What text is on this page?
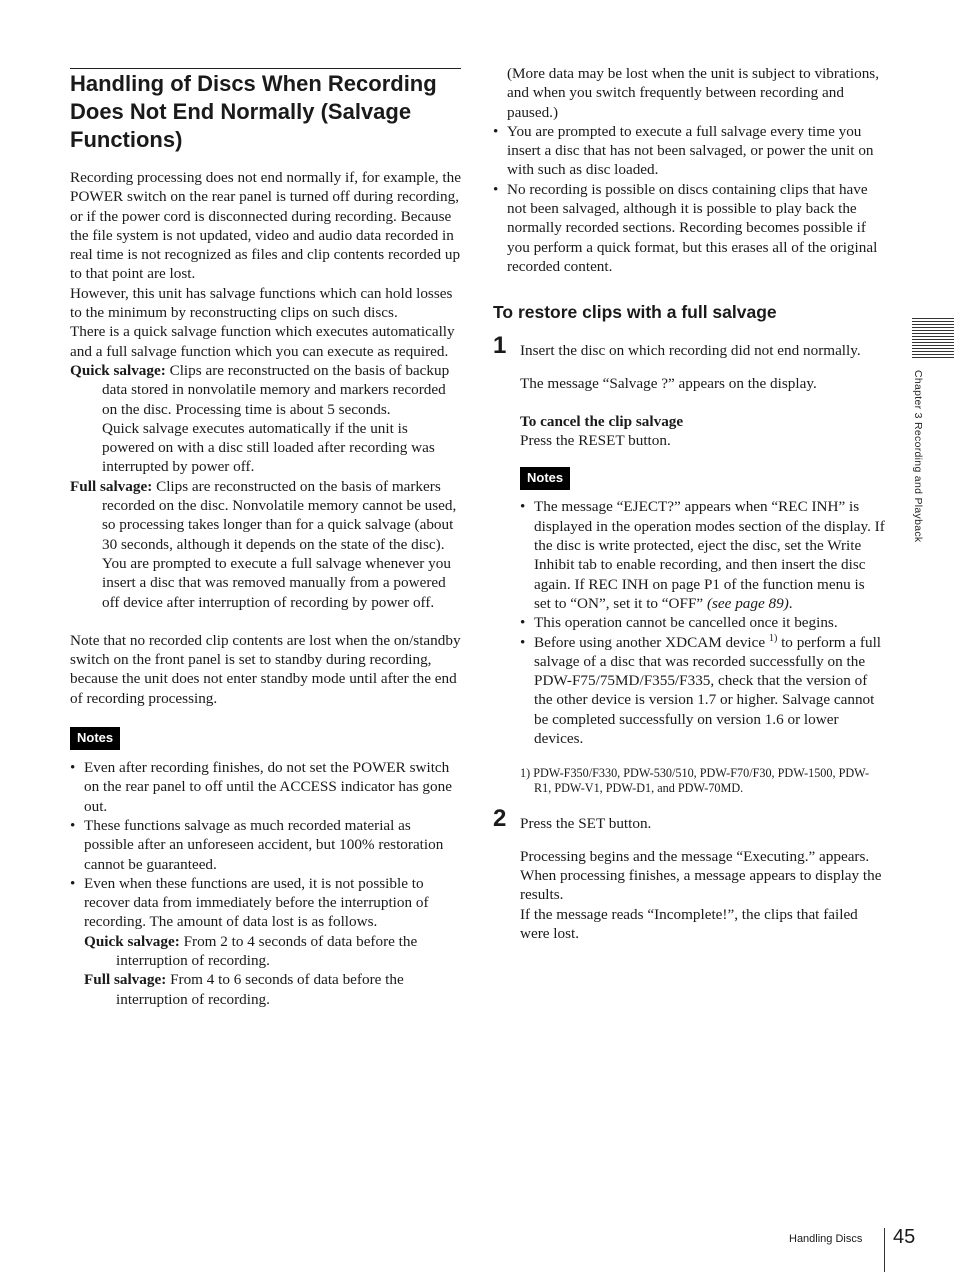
Handling of Discs When Recording Does Not End Normally (Salvage Functions)

Recording processing does not end normally if, for example, the POWER switch on the rear panel is turned off during recording, or if the power cord is disconnected during recording. Because the file system is not updated, video and audio data recorded in real time is not recognized as files and clip contents recorded up to that point are lost.

However, this unit has salvage functions which can hold losses to the minimum by reconstructing clips on such discs.

There is a quick salvage function which executes automatically and a full salvage function which you can execute as required.

Quick salvage: Clips are reconstructed on the basis of backup data stored in nonvolatile memory and markers recorded on the disc. Processing time is about 5 seconds.
Quick salvage executes automatically if the unit is powered on with a disc still loaded after recording was interrupted by power off.

Full salvage: Clips are reconstructed on the basis of markers recorded on the disc. Nonvolatile memory cannot be used, so processing takes longer than for a quick salvage (about 30 seconds, although it depends on the state of the disc).
You are prompted to execute a full salvage whenever you insert a disc that was removed manually from a powered off device after interruption of recording by power off.

Note that no recorded clip contents are lost when the on/standby switch on the front panel is set to standby during recording, because the unit does not enter standby mode until after the end of recording processing.

Notes
• Even after recording finishes, do not set the POWER switch on the rear panel to off until the ACCESS indicator has gone out.
• These functions salvage as much recorded material as possible after an unforeseen accident, but 100% restoration cannot be guaranteed.
• Even when these functions are used, it is not possible to recover data from immediately before the interruption of recording. The amount of data lost is as follows.
Quick salvage: From 2 to 4 seconds of data before the interruption of recording.
Full salvage: From 4 to 6 seconds of data before the interruption of recording.

(More data may be lost when the unit is subject to vibrations, and when you switch frequently between recording and paused.)

• You are prompted to execute a full salvage every time you insert a disc that has not been salvaged, or power the unit on with such as disc loaded.
• No recording is possible on discs containing clips that have not been salvaged, although it is possible to play back the normally recorded sections. Recording becomes possible if you perform a quick format, but this erases all of the original recorded content.
To restore clips with a full salvage
1 Insert the disc on which recording did not end normally.

The message “Salvage ?” appears on the display.

To cancel the clip salvage

Press the RESET button.

Notes
• The message “EJECT?” appears when “REC INH” is displayed in the operation modes section of the display. If the disc is write protected, eject the disc, set the Write Inhibit tab to enable recording, and then insert the disc again. If REC INH on page P1 of the function menu is set to “ON”, set it to “OFF” (see page 89).
• This operation cannot be cancelled once it begins.
• Before using another XDCAM device $^{1)}$ to perform a full salvage of a disc that was recorded successfully on the PDW-F75/75MD/F355/F335, check that the version of the other device is version 1.7 or higher. Salvage cannot be completed successfully on version 1.6 or lower devices.

1) PDW-F350/F330, PDW-530/510, PDW-F70/F30, PDW-1500, PDW-R1, PDW-V1, PDW-D1, and PDW-70MD.

2 Press the SET button.

Processing begins and the message “Executing.” appears.

When processing finishes, a message appears to display the results.

If the message reads “Incomplete!”, the clips that failed were lost.

Chapter 3 Recording and Playback
Handling Discs 45
